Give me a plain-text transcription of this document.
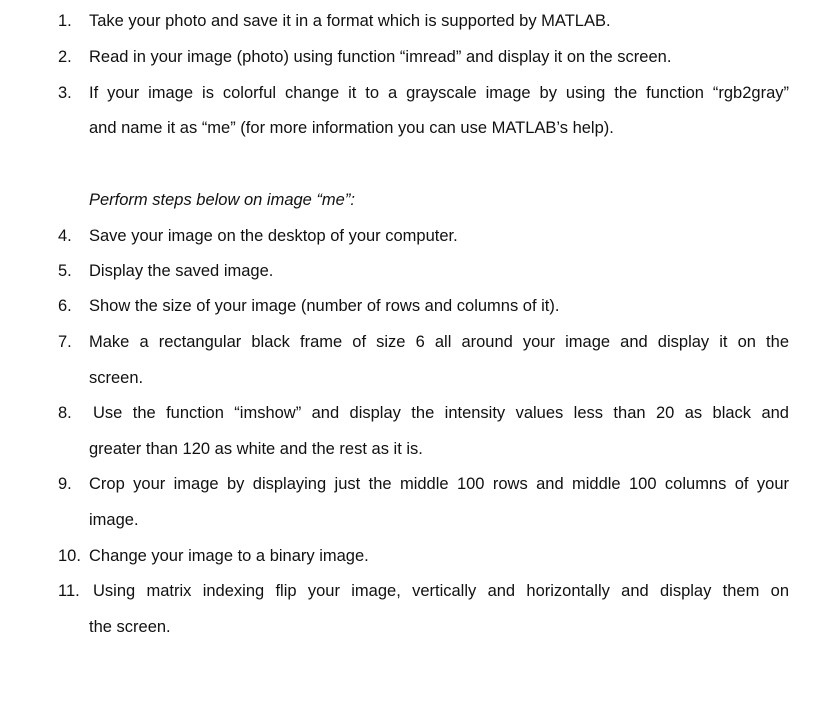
1.	Take your photo and save it in a format which is supported by MATLAB.
2.	Read in your image (photo) using function “imread” and display it on the screen.
3.	If your image is colorful change it to a grayscale image by using the function “rgb2gray”
and name it as “me” (for more information you can use MATLAB’s help).
Perform steps below on image “me”:
4.	Save your image on the desktop of your computer.
5.	Display the saved image.
6.	Show the size of your image (number of rows and columns of it).
7.	Make a rectangular black frame of size 6 all around your image and display it on the
screen.
8.	Use the function “imshow” and display the intensity values less than 20 as black and
greater than 120 as white and the rest as it is.
9.	Crop your image by displaying just the middle 100 rows and middle 100 columns of your
image.
10. Change your image to a binary image.
11. Using matrix indexing flip your image, vertically and horizontally and display them on
the screen.
